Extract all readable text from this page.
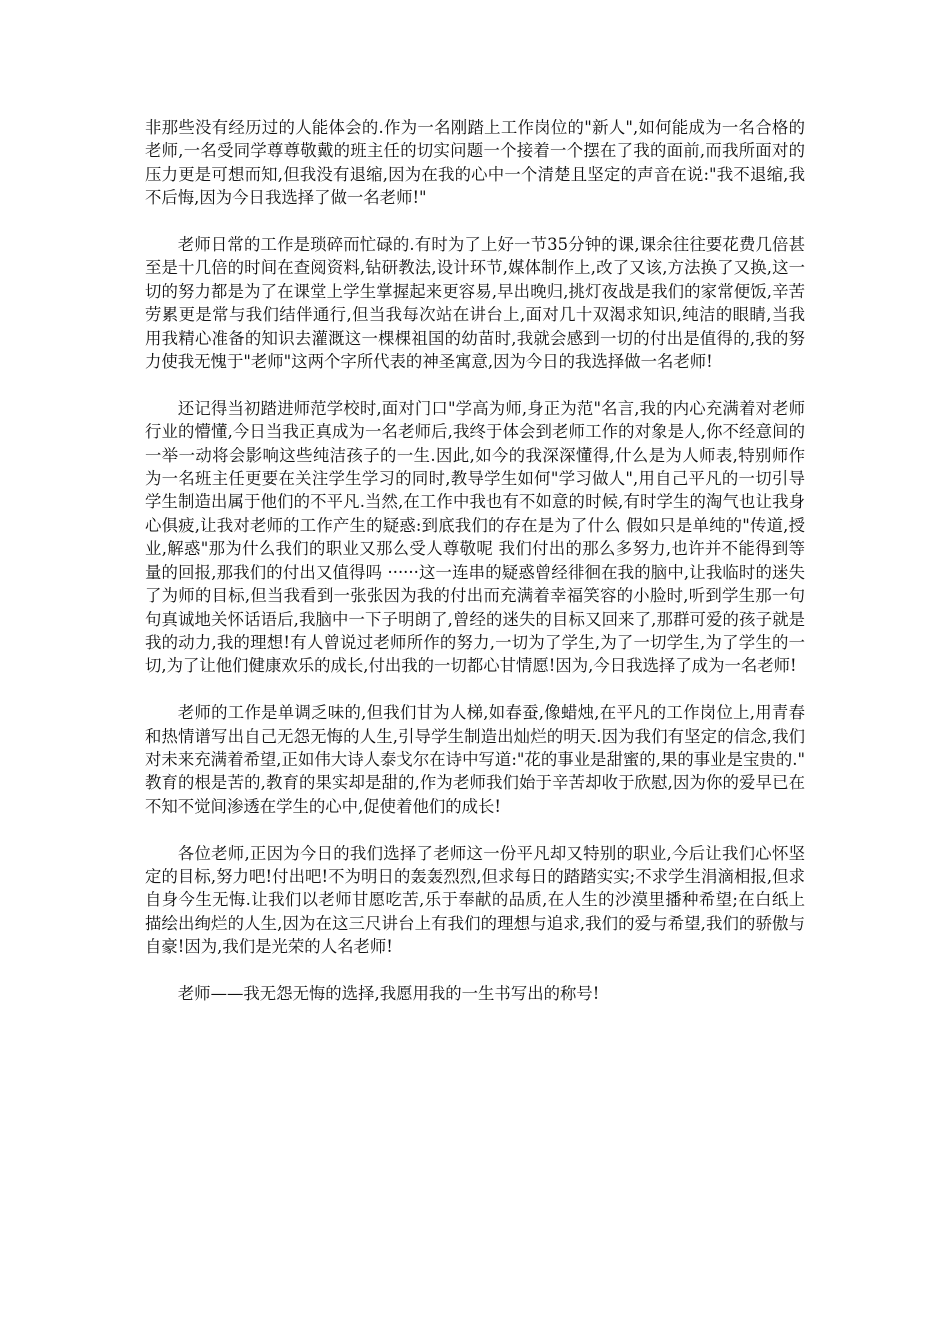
非那些没有经历过的人能体会的.作为一名刚踏上工作岗位的"新人",如何能成为一名合格的老师,一名受同学尊尊敬戴的班主任的切实问题一个接着一个摆在了我的面前,而我所面对的压力更是可想而知,但我没有退缩,因为在我的心中一个清楚且坚定的声音在说:"我不退缩,我不后悔,因为今日我选择了做一名老师!"

老师日常的工作是琐碎而忙碌的.有时为了上好一节35分钟的课,课余往往要花费几倍甚至是十几倍的时间在查阅资料,钻研教法,设计环节,媒体制作上,改了又该,方法换了又换,这一切的努力都是为了在课堂上学生掌握起来更容易,早出晚归,挑灯夜战是我们的家常便饭,辛苦劳累更是常与我们结伴通行,但当我每次站在讲台上,面对几十双渴求知识,纯洁的眼睛,当我用我精心准备的知识去灌溉这一棵棵祖国的幼苗时,我就会感到一切的付出是值得的,我的努力使我无愧于"老师"这两个字所代表的神圣寓意,因为今日的我选择做一名老师!

还记得当初踏进师范学校时,面对门口"学高为师,身正为范"名言,我的内心充满着对老师行业的懵懂,今日当我正真成为一名老师后,我终于体会到老师工作的对象是人,你不经意间的一举一动将会影响这些纯洁孩子的一生.因此,如今的我深深懂得,什么是为人师表,特别师作为一名班主任更要在关注学生学习的同时,教导学生如何"学习做人",用自己平凡的一切引导学生制造出属于他们的不平凡.当然,在工作中我也有不如意的时候,有时学生的淘气也让我身心俱疲,让我对老师的工作产生的疑惑:到底我们的存在是为了什么 假如只是单纯的"传道,授业,解惑"那为什么我们的职业又那么受人尊敬呢 我们付出的那么多努力,也许并不能得到等量的回报,那我们的付出又值得吗 ······这一连串的疑惑曾经徘徊在我的脑中,让我临时的迷失了为师的目标,但当我看到一张张因为我的付出而充满着幸福笑容的小脸时,听到学生那一句句真诚地关怀话语后,我脑中一下子明朗了,曾经的迷失的目标又回来了,那群可爱的孩子就是我的动力,我的理想!有人曾说过老师所作的努力,一切为了学生,为了一切学生,为了学生的一切,为了让他们健康欢乐的成长,付出我的一切都心甘情愿!因为,今日我选择了成为一名老师!

老师的工作是单调乏味的,但我们甘为人梯,如春蚕,像蜡烛,在平凡的工作岗位上,用青春和热情谱写出自己无怨无悔的人生,引导学生制造出灿烂的明天.因为我们有坚定的信念,我们对未来充满着希望,正如伟大诗人泰戈尔在诗中写道:"花的事业是甜蜜的,果的事业是宝贵的."教育的根是苦的,教育的果实却是甜的,作为老师我们始于辛苦却收于欣慰,因为你的爱早已在不知不觉间渗透在学生的心中,促使着他们的成长!

各位老师,正因为今日的我们选择了老师这一份平凡却又特别的职业,今后让我们心怀坚定的目标,努力吧!付出吧!不为明日的轰轰烈烈,但求每日的踏踏实实;不求学生涓滴相报,但求自身今生无悔.让我们以老师甘愿吃苦,乐于奉献的品质,在人生的沙漠里播种希望;在白纸上描绘出绚烂的人生,因为在这三尺讲台上有我们的理想与追求,我们的爱与希望,我们的骄傲与自豪!因为,我们是光荣的人名老师!

老师——我无怨无悔的选择,我愿用我的一生书写出的称号!
